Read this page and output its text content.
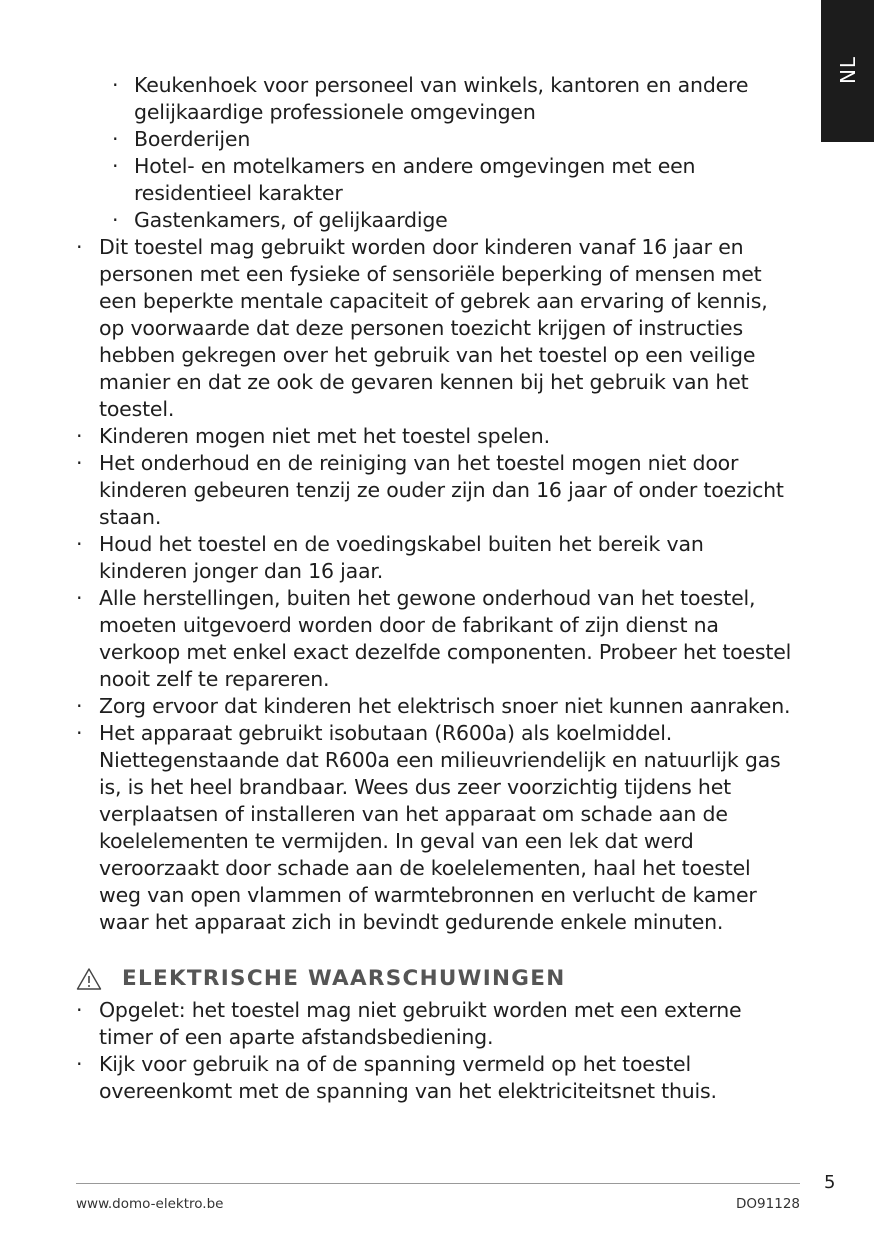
NL
· Keukenhoek voor personeel van winkels, kantoren en andere gelijkaardige professionele omgevingen
· Boerderijen
· Hotel- en motelkamers en andere omgevingen met een residentieel karakter
· Gastenkamers, of gelijkaardige
· Dit toestel mag gebruikt worden door kinderen vanaf 16 jaar en personen met een fysieke of sensoriële beperking of mensen met een beperkte mentale capaciteit of gebrek aan ervaring of kennis, op voorwaarde dat deze personen toezicht krijgen of instructies hebben gekregen over het gebruik van het toestel op een veilige manier en dat ze ook de gevaren kennen bij het gebruik van het toestel.
· Kinderen mogen niet met het toestel spelen.
· Het onderhoud en de reiniging van het toestel mogen niet door kinderen gebeuren tenzij ze ouder zijn dan 16 jaar of onder toezicht staan.
· Houd het toestel en de voedingskabel buiten het bereik van kinderen jonger dan 16 jaar.
· Alle herstellingen, buiten het gewone onderhoud van het toestel, moeten uitgevoerd worden door de fabrikant of zijn dienst na verkoop met enkel exact dezelfde componenten. Probeer het toestel nooit zelf te repareren.
· Zorg ervoor dat kinderen het elektrisch snoer niet kunnen aanraken.
· Het apparaat gebruikt isobutaan (R600a) als koelmiddel. Niettegenstaande dat R600a een milieuvriendelijk en natuurlijk gas is, is het heel brandbaar. Wees dus zeer voorzichtig tijdens het verplaatsen of installeren van het apparaat om schade aan de koelelementen te vermijden. In geval van een lek dat werd veroorzaakt door schade aan de koelelementen, haal het toestel weg van open vlammen of warmtebronnen en verlucht de kamer waar het apparaat zich in bevindt gedurende enkele minuten.
ELEKTRISCHE WAARSCHUWINGEN
· Opgelet: het toestel mag niet gebruikt worden met een externe timer of een aparte afstandsbediening.
· Kijk voor gebruik na of de spanning vermeld op het toestel overeenkomt met de spanning van het elektriciteitsnet thuis.
5
www.domo-elektro.be	DO91128
